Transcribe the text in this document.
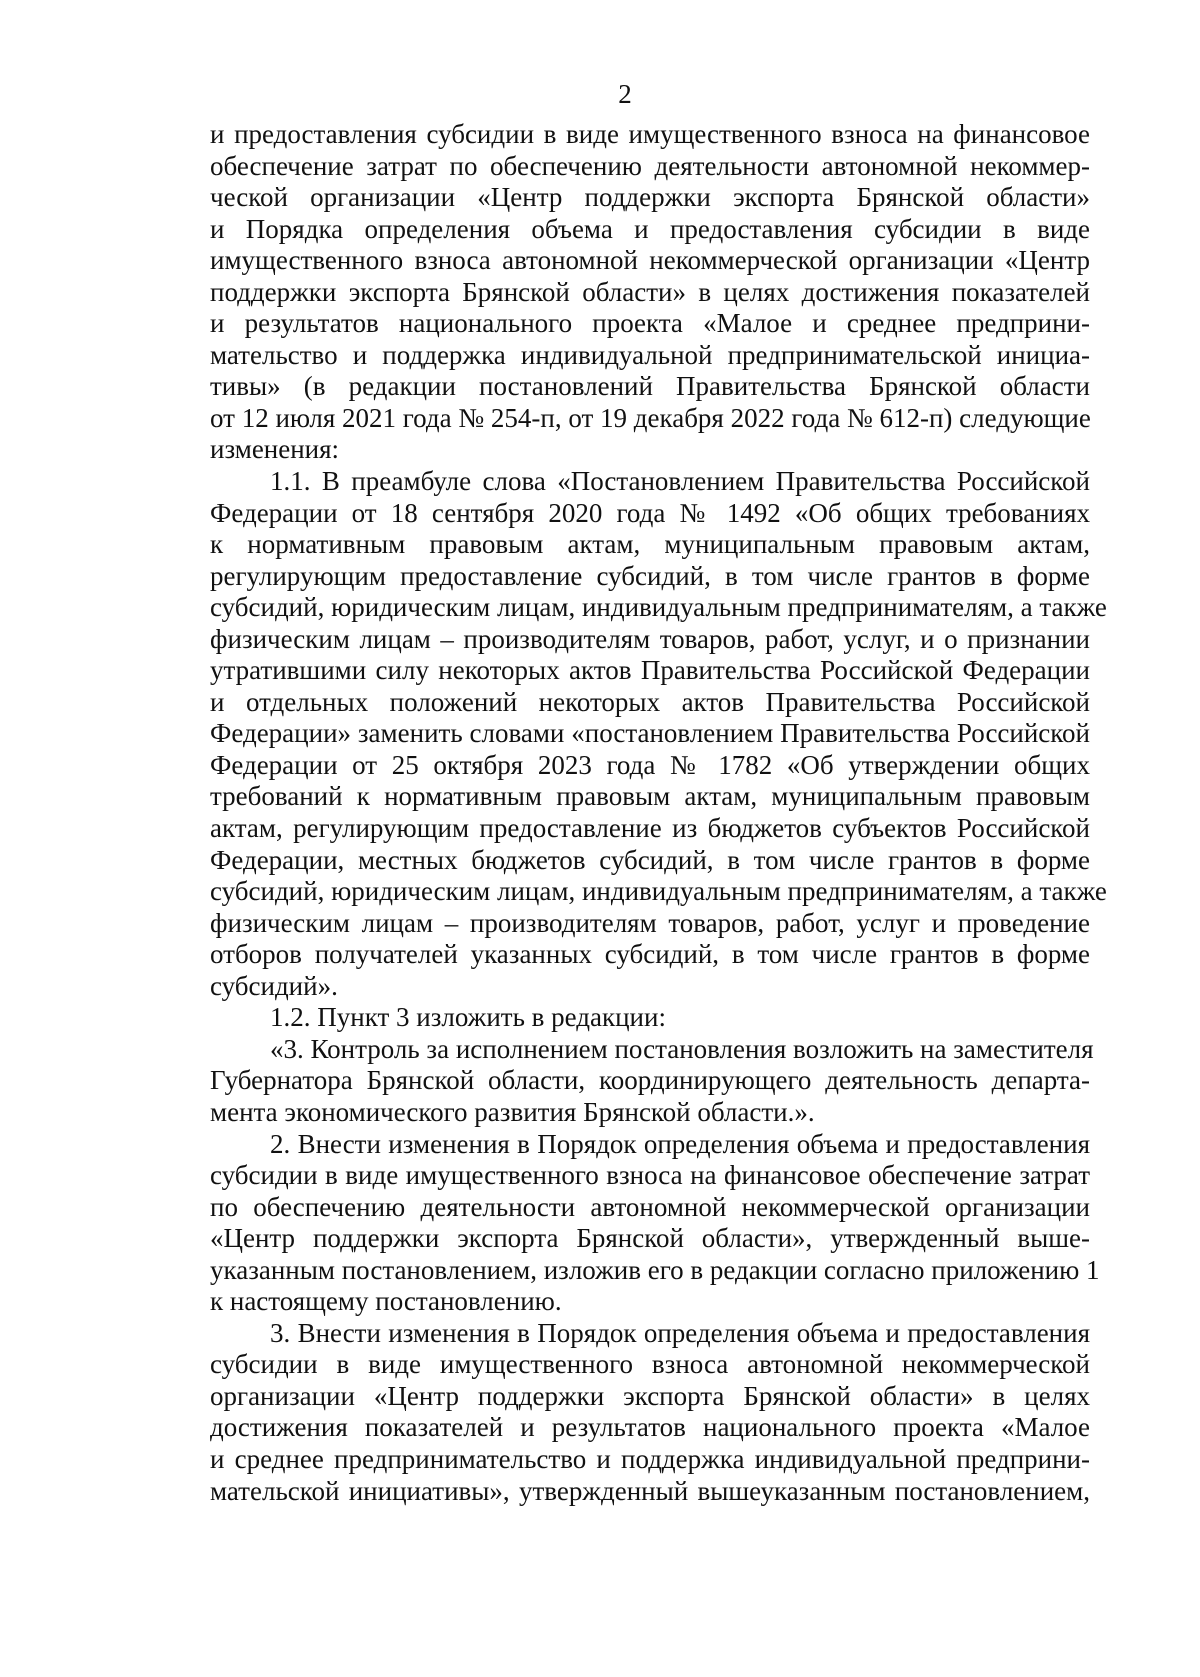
2
и предоставления субсидии в виде имущественного взноса на финансовое
обеспечение затрат по обеспечению деятельности автономной некоммер-
ческой организации «Центр поддержки экспорта Брянской области»
и Порядка определения объема и предоставления субсидии в виде
имущественного взноса автономной некоммерческой организации «Центр
поддержки экспорта Брянской области» в целях достижения показателей
и результатов национального проекта «Малое и среднее предприни-
мательство и поддержка индивидуальной предпринимательской инициа-
тивы» (в редакции постановлений Правительства Брянской области
от 12 июля 2021 года № 254-п, от 19 декабря 2022 года № 612-п) следующие
изменения:
1.1. В преамбуле слова «Постановлением Правительства Российской
Федерации от 18 сентября 2020 года № 1492 «Об общих требованиях
к нормативным правовым актам, муниципальным правовым актам,
регулирующим предоставление субсидий, в том числе грантов в форме
субсидий, юридическим лицам, индивидуальным предпринимателям, а также
физическим лицам – производителям товаров, работ, услуг, и о признании
утратившими силу некоторых актов Правительства Российской Федерации
и отдельных положений некоторых актов Правительства Российской
Федерации» заменить словами «постановлением Правительства Российской
Федерации от 25 октября 2023 года № 1782 «Об утверждении общих
требований к нормативным правовым актам, муниципальным правовым
актам, регулирующим предоставление из бюджетов субъектов Российской
Федерации, местных бюджетов субсидий, в том числе грантов в форме
субсидий, юридическим лицам, индивидуальным предпринимателям, а также
физическим лицам – производителям товаров, работ, услуг и проведение
отборов получателей указанных субсидий, в том числе грантов в форме
субсидий».
1.2. Пункт 3 изложить в редакции:
«3. Контроль за исполнением постановления возложить на заместителя
Губернатора Брянской области, координирующего деятельность департа-
мента экономического развития Брянской области.».
2. Внести изменения в Порядок определения объема и предоставления
субсидии в виде имущественного взноса на финансовое обеспечение затрат
по обеспечению деятельности автономной некоммерческой организации
«Центр поддержки экспорта Брянской области», утвержденный выше-
указанным постановлением, изложив его в редакции согласно приложению 1
к настоящему постановлению.
3. Внести изменения в Порядок определения объема и предоставления
субсидии в виде имущественного взноса автономной некоммерческой
организации «Центр поддержки экспорта Брянской области» в целях
достижения показателей и результатов национального проекта «Малое
и среднее предпринимательство и поддержка индивидуальной предприни-
мательской инициативы», утвержденный вышеуказанным постановлением,
